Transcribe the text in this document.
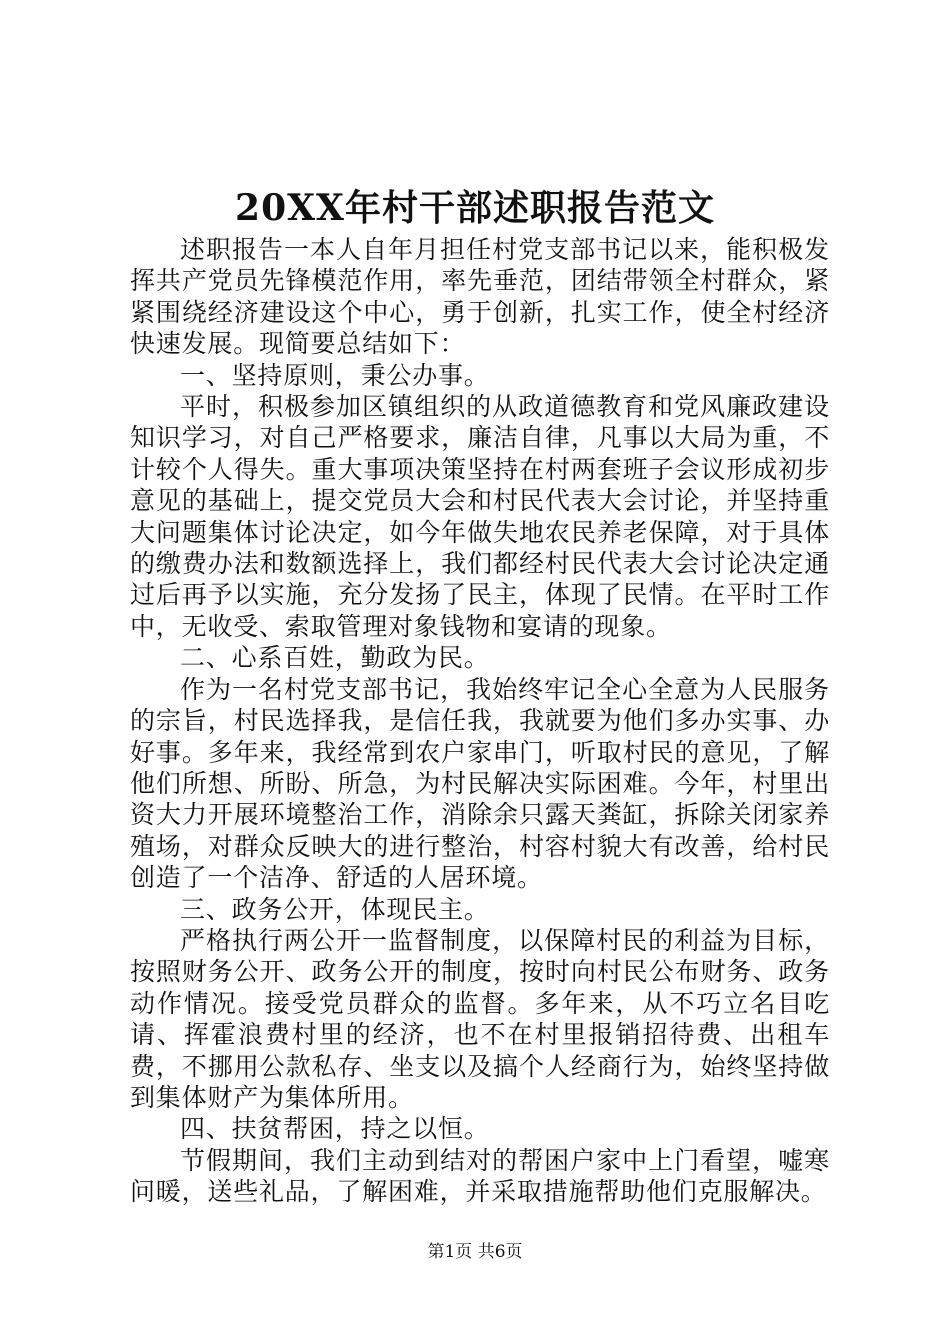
20XX年村干部述职报告范文

述职报告一本人自年月担任村党支部书记以来，能积极发挥共产党员先锋模范作用，率先垂范，团结带领全村群众，紧紧围绕经济建设这个中心，勇于创新，扎实工作，使全村经济快速发展。现简要总结如下：

一、坚持原则，秉公办事。

平时，积极参加区镇组织的从政道德教育和党风廉政建设知识学习，对自己严格要求，廉洁自律，凡事以大局为重，不计较个人得失。重大事项决策坚持在村两套班子会议形成初步意见的基础上，提交党员大会和村民代表大会讨论，并坚持重大问题集体讨论决定，如今年做失地农民养老保障，对于具体的缴费办法和数额选择上，我们都经村民代表大会讨论决定通过后再予以实施，充分发扬了民主，体现了民情。在平时工作中，无收受、索取管理对象钱物和宴请的现象。

二、心系百姓，勤政为民。

作为一名村党支部书记，我始终牢记全心全意为人民服务的宗旨，村民选择我，是信任我，我就要为他们多办实事、办好事。多年来，我经常到农户家串门，听取村民的意见，了解他们所想、所盼、所急，为村民解决实际困难。今年，村里出资大力开展环境整治工作，消除余只露天粪缸，拆除关闭家养殖场，对群众反映大的进行整治，村容村貌大有改善，给村民创造了一个洁净、舒适的人居环境。

三、政务公开，体现民主。

严格执行两公开一监督制度，以保障村民的利益为目标，按照财务公开、政务公开的制度，按时向村民公布财务、政务动作情况。接受党员群众的监督。多年来，从不巧立名目吃请、挥霍浪费村里的经济，也不在村里报销招待费、出租车费，不挪用公款私存、坐支以及搞个人经商行为，始终坚持做到集体财产为集体所用。

四、扶贫帮困，持之以恒。

节假期间，我们主动到结对的帮困户家中上门看望，嘘寒问暖，送些礼品，了解困难，并采取措施帮助他们克服解决。

第1页 共6页
